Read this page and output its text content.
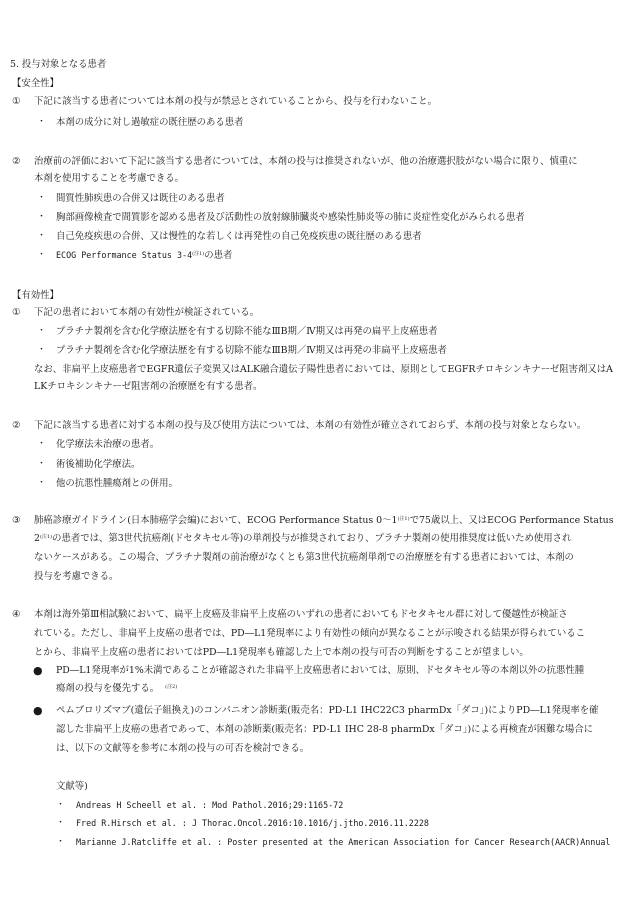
5. 投与対象となる患者
【安全性】
① 下記に該当する患者については本剤の投与が禁忌とされていることから、投与を行わないこと。
・ 本剤の成分に対し過敏症の既往歴のある患者
② 治療前の評価において下記に該当する患者については、本剤の投与は推奨されないが、他の治療選択肢がない場合に限り、慎重に
本剤を使用することを考慮できる。
・ 間質性肺疾患の合併又は既往のある患者
・ 胸部画像検査で間質影を認める患者及び活動性の放射線肺臓炎や感染性肺炎等の肺に炎症性変化がみられる患者
・ 自己免疫疾患の合併、又は慢性的な若しくは再発性の自己免疫疾患の既往歴のある患者
・ ECOG Performance Status $3-4^{(注1)}$の患者
【有効性】
① 下記の患者において本剤の有効性が検証されている。
・ プラチナ製剤を含む化学療法歴を有する切除不能なⅢB期／Ⅳ期又は再発の扁平上皮癌患者
・ プラチナ製剤を含む化学療法歴を有する切除不能なⅢB期／Ⅳ期又は再発の非扁平上皮癌患者
なお、非扁平上皮癌患者でEGFR遺伝子変異又はALK融合遺伝子陽性患者においては、原則としてEGFRチロキシンキナーゼ阻害剤又はA
LKチロキシンキナーゼ阻害剤の治療歴を有する患者。
② 下記に該当する患者に対する本剤の投与及び使用方法については、本剤の有効性が確立されておらず、本剤の投与対象とならない。
・ 化学療法未治療の患者。
・ 術後補助化学療法。
・ 他の抗悪性腫瘍剤との併用。
③ 肺癌診療ガイドライン(日本肺癌学会編)において、ECOG Performance Status $0\sim 1^{(注1)}$で75歳以上、又はECOG Performance Status
$2^{(注1)}$の患者では、第3世代抗癌剤(ドセタキセル等)の単剤投与が推奨されており、プラチナ製剤の使用推奨度は低いため使用され
ないケースがある。この場合、プラチナ製剤の前治療がなくとも第3世代抗癌剤単剤での治療歴を有する患者においては、本剤の
投与を考慮できる。
④ 本剤は海外第Ⅲ相試験において、扁平上皮癌及非扁平上皮癌のいずれの患者においてもドセタキセル群に対して優越性が検証さ
れている。ただし、非扁平上皮癌の患者では、PD―L1発現率により有効性の傾向が異なることが示唆される結果が得られているこ
とから、非扁平上皮癌の患者においてはPD―L1発現率も確認した上で本剤の投与可否の判断をすることが望ましい。
● PD―L1発現率が1%未満であることが確認された非扁平上皮癌患者においては、原則、ドセタキセル等の本剤以外の抗悪性腫
瘍剤の投与を優先する。 $^{(注2)}$
● ペムブロリズマブ(遺伝子組換え)のコンパニオン診断薬(販売名：PD-L1 IHC22C3 pharmDx「ダコ」)によりPD―L1発現率を確
認した非扁平上皮癌の患者であって、本剤の診断薬(販売名：PD-L1 IHC 28-8 pharmDx「ダコ」)による再検査が困難な場合に
は、以下の文献等を参考に本剤の投与の可否を検討できる。
文献等)
・ Andreas H Scheell et al. : Mod Pathol.2016;29:1165-72
・ Fred R.Hirsch et al. : J Thorac.Oncol.2016:10.1016/j.jtho.2016.11.2228
・ Marianne J.Ratcliffe et al. : Poster presented at the American Association for Cancer Research(AACR)Annual
